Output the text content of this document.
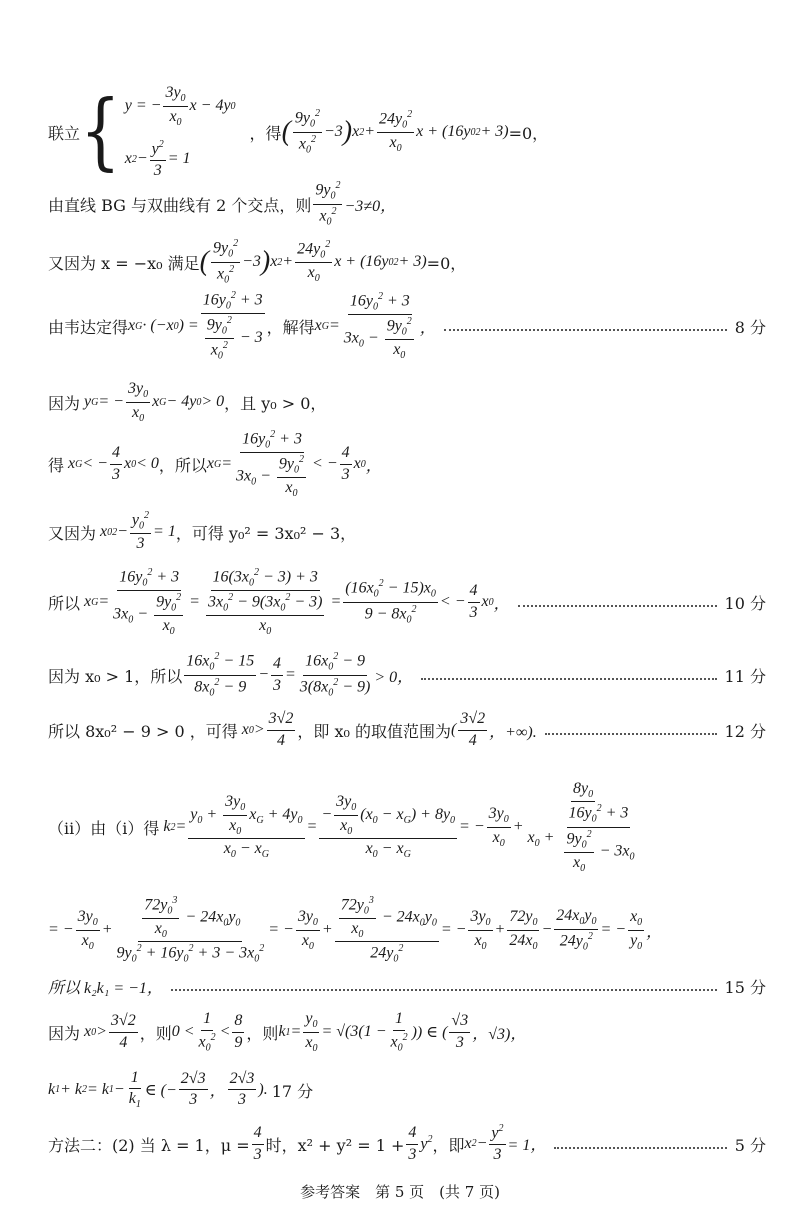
联立 { y = − $\frac{3y_0}{x_0}$ x − 4y 0
x $2 - \frac{y^2}{3} = 1$
，得 ( $\frac{9y_0^2}{x_0^2} -3$ ) x $2 + \frac{24y_0^2}{x_0}$ x + (16y 0 2 + 3) =0，
由直线 BG 与双曲线有 2 个交点，则 $\frac{9y_0^2}{x_0^2} -3\ne 0$，
又因为 x = −x₀ 满足 ( $\frac{9y_0^2}{x_0^2} -3$ ) x $2 + \frac{24y_0^2}{x_0}$ x + (16y 0 2 + 3) =0，
由韦达定得 x G · (−x 0 ) = $\frac{16y_0^2 + 3}{\frac{9y_0^2}{x_0^2} - 3}$ ，解得 x $G = \frac{16y_0^2 + 3}{3x_0 - \frac{9y_0^2}{x_0}}$ ，	8 分
因为 y G = − $\frac{3y_0}{x_0}$ x G − 4y 0 > 0 ，且 y₀ > 0，
得 x G < − $\frac{4}{3}$ x 0 < 0 ，所以 x $G = \frac{16y_0^2 + 3}{3x_0 - \frac{9y_0^2}{x_0}}$ < − $\frac{4}{3}$ x 0 ，
又因为 x 0 $2 - \frac{y_0^2}{3} = 1$ ，可得 y₀² = 3x₀² − 3，
所以 x $G = \frac{16y_0^2 + 3}{3x_0 - \frac{9y_0^2}{x_0}} = \frac{16(3x_0^2 - 3) + 3}{\frac{3x_0^2 - 9(3x_0^2 - 3)}{x_0}} = \frac{(16x_0^2 - 15)x_0}{9 - 8x_0^2}$ < − $\frac{4}{3}$ x 0 ，	10 分
因为 x₀ > 1，所以 $\frac{16x_0^2 - 15}{8x_0^2 - 9} - \frac{4}{3} = \frac{16x_0^2 - 9}{3(8x_0^2 - 9)} > 0$，	11 分
所以 8x₀² − 9 > 0 ，可得 x $0 > \frac{3√2}{4}$ ，即 x₀ 的取值范围为 ( $\frac{3√2}{4}$ ，+∞).	12 分
（ⅱ）由（ⅰ）得 k $2 = \frac{y_0 + \frac{3y_0}{x_0} x_G + 4y_0}{x_0 - x_G} = \frac{- \frac{3y_0}{x_0} (x_0 - x_G) + 8y_0}{x_0 - x_G}$ = − $\frac{3y_0}{x_0} + \frac{8y_0}{x_0 + \frac{16y_0^2 + 3}{\frac{9y_0^2}{x_0} - 3x_0}}$
= − $\frac{3y_0}{x_0} + \frac{\frac{72y_0^3}{x_0} - 24x_0y_0}{9y_0^2 + 16y_0^2 + 3 - 3x_0^2}$ = − $\frac{3y_0}{x_0} + \frac{\frac{72y_0^3}{x_0} - 24x_0y_0}{24y_0^2}$ = − $\frac{3y_0}{x_0} + \frac{72y_0}{24x_0} - \frac{24x_0y_0}{24y_0^2}$ = − $\frac{x_0}{y_0}$ ，
所以 k₂k₁ = −1，	15 分
因为 x $0 > \frac{3√2}{4}$ ，则 $0 < \frac{1}{x_0^2} < \frac{8}{9}$ ，则 k $1 = \frac{y_0}{x_0} = √(3(1 - \frac{1}{x_0^2}$ )) ∈ ( $\frac{√3}{3}$ ，√3)，
k 1 + k 2 = k $1 - \frac{1}{k_1}$ ∈ (− $\frac{2√3}{3}$ ， $\frac{2√3}{3}$ ). 17 分
方法二：(2) 当 λ = 1，$\mu = \frac{4}{3}$ 时，$x^2 + y^2 = 1 + \frac{4}{3} y^2$ ，即 x $2 - \frac{y^2}{3} = 1$，	5 分
参考答案　第 5 页　(共 7 页)
